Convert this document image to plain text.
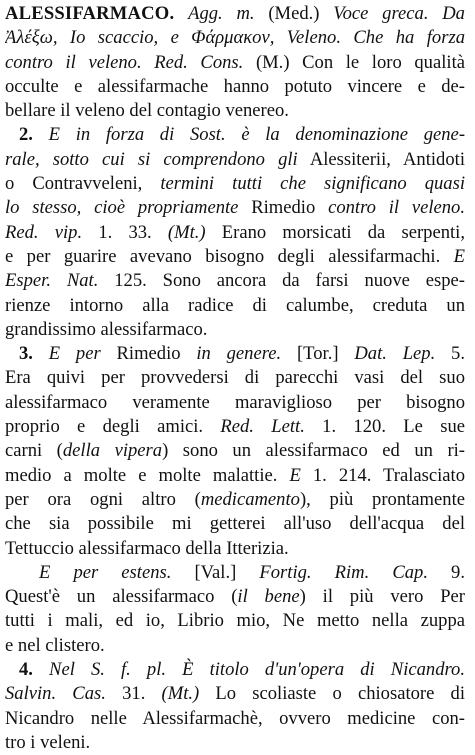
ALESSIFARMACO. Agg. m. (Med.) Voce greca. Da
Ἀλέξω, Io scaccio, e Φάρμακον, Veleno. Che ha forza
contro il veleno. Red. Cons. (M.) Con le loro qualità
occulte e alessifarmache hanno potuto vincere e de-
bellare il veleno del contagio venereo.
2. E in forza di Sost. è la denominazione gene-
rale, sotto cui si comprendono gli Alessiterii, Antidoti
o Contravveleni, termini tutti che significano quasi
lo stesso, cioè propriamente Rimedio contro il veleno.
Red. vip. 1. 33. (Mt.) Erano morsicati da serpenti,
e per guarire avevano bisogno degli alessifarmachi. E
Esper. Nat. 125. Sono ancora da farsi nuove espe-
rienze intorno alla radice di calumbe, creduta un
grandissimo alessifarmaco.
3. E per Rimedio in genere. [Tor.] Dat. Lep. 5.
Era quivi per provvedersi di parecchi vasi del suo
alessifarmaco veramente maraviglioso per bisogno
proprio e degli amici. Red. Lett. 1. 120. Le sue
carni (della vipera) sono un alessifarmaco ed un ri-
medio a molte e molte malattie. E 1. 214. Tralasciato
per ora ogni altro (medicamento), più prontamente
che sia possibile mi getterei all'uso dell'acqua del
Tettuccio alessifarmaco della Itterizia.
E per estens. [Val.] Fortig. Rim. Cap. 9.
Quest'è un alessifarmaco (il bene) il più vero Per
tutti i mali, ed io, Librio mio, Ne metto nella zuppa
e nel clistero.
4. Nel S. f. pl. È titolo d'un'opera di Nicandro.
Salvin. Cas. 31. (Mt.) Lo scoliaste o chiosatore di
Nicandro nelle Alessifarmachè, ovvero medicine con-
tro i veleni.
